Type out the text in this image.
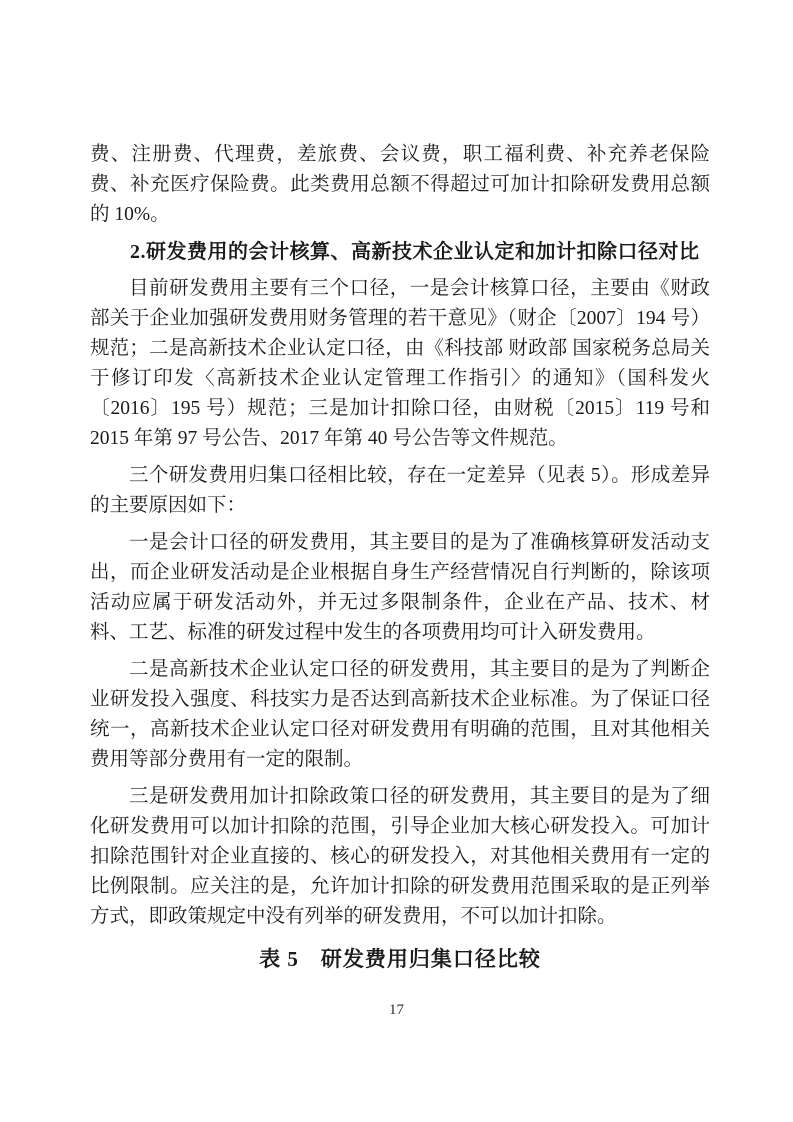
费、注册费、代理费，差旅费、会议费，职工福利费、补充养老保险费、补充医疗保险费。此类费用总额不得超过可加计扣除研发费用总额的 10%。

2.研发费用的会计核算、高新技术企业认定和加计扣除口径对比

目前研发费用主要有三个口径，一是会计核算口径，主要由《财政部关于企业加强研发费用财务管理的若干意见》（财企〔2007〕194 号）规范；二是高新技术企业认定口径，由《科技部 财政部 国家税务总局关于修订印发〈高新技术企业认定管理工作指引〉的通知》（国科发火〔2016〕195 号）规范；三是加计扣除口径，由财税〔2015〕119 号和 2015 年第 97 号公告、2017 年第 40 号公告等文件规范。

三个研发费用归集口径相比较，存在一定差异（见表 5）。形成差异的主要原因如下：

一是会计口径的研发费用，其主要目的是为了准确核算研发活动支出，而企业研发活动是企业根据自身生产经营情况自行判断的，除该项活动应属于研发活动外，并无过多限制条件，企业在产品、技术、材料、工艺、标准的研发过程中发生的各项费用均可计入研发费用。

二是高新技术企业认定口径的研发费用，其主要目的是为了判断企业研发投入强度、科技实力是否达到高新技术企业标准。为了保证口径统一，高新技术企业认定口径对研发费用有明确的范围，且对其他相关费用等部分费用有一定的限制。

三是研发费用加计扣除政策口径的研发费用，其主要目的是为了细化研发费用可以加计扣除的范围，引导企业加大核心研发投入。可加计扣除范围针对企业直接的、核心的研发投入，对其他相关费用有一定的比例限制。应关注的是，允许加计扣除的研发费用范围采取的是正列举方式，即政策规定中没有列举的研发费用，不可以加计扣除。

表 5　研发费用归集口径比较
17
